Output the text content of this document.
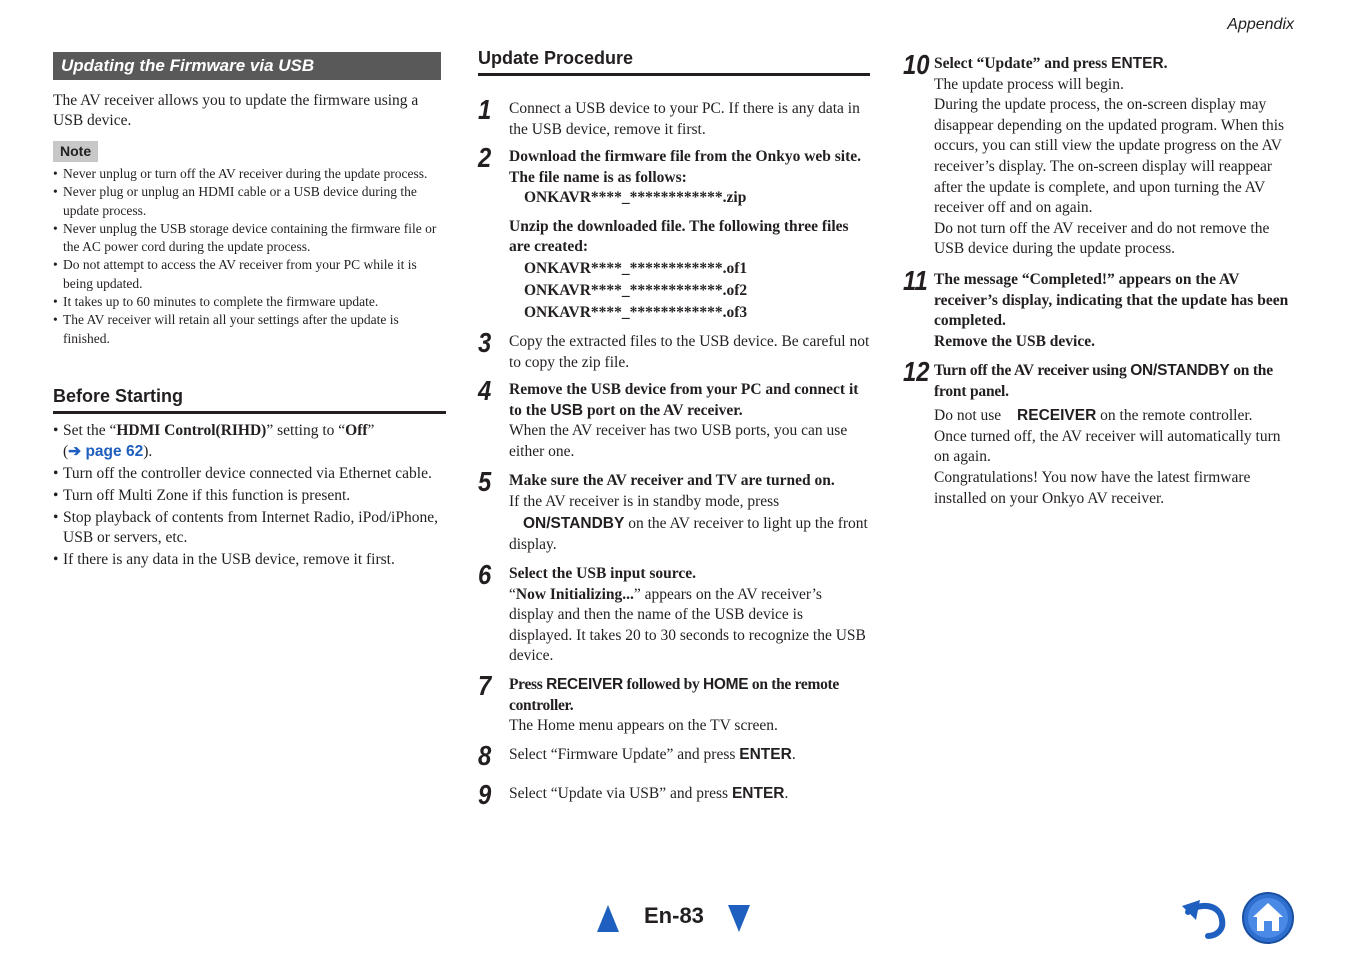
Appendix
Updating the Firmware via USB
The AV receiver allows you to update the firmware using a USB device.
Note
• Never unplug or turn off the AV receiver during the update process.
• Never plug or unplug an HDMI cable or a USB device during the update process.
• Never unplug the USB storage device containing the firmware file or the AC power cord during the update process.
• Do not attempt to access the AV receiver from your PC while it is being updated.
• It takes up to 60 minutes to complete the firmware update.
• The AV receiver will retain all your settings after the update is finished.
Before Starting
• Set the “HDMI Control(RIHD)” setting to “Off”
(➔ page 62).
• Turn off the controller device connected via Ethernet cable.
• Turn off Multi Zone if this function is present.
• Stop playback of contents from Internet Radio, iPod/iPhone, USB or servers, etc.
• If there is any data in the USB device, remove it first.
Update Procedure
1 Connect a USB device to your PC. If there is any data in the USB device, remove it first.
2 Download the firmware file from the Onkyo web site. The file name is as follows:
ONKAVR****_************.zip
Unzip the downloaded file. The following three files are created:
ONKAVR****_************.of1
ONKAVR****_************.of2
ONKAVR****_************.of3
3 Copy the extracted files to the USB device. Be careful not to copy the zip file.
4 Remove the USB device from your PC and connect it to the USB port on the AV receiver.
When the AV receiver has two USB ports, you can use either one.
5 Make sure the AV receiver and TV are turned on.
If the AV receiver is in standby mode, press
ON/STANDBY on the AV receiver to light up the front display.
6 Select the USB input source.
“Now Initializing...” appears on the AV receiver’s display and then the name of the USB device is displayed. It takes 20 to 30 seconds to recognize the USB device.
7 Press RECEIVER followed by HOME on the remote controller.
The Home menu appears on the TV screen.
8 Select “Firmware Update” and press ENTER.
9 Select “Update via USB” and press ENTER.
10 Select “Update” and press ENTER.
The update process will begin.
During the update process, the on-screen display may disappear depending on the updated program. When this occurs, you can still view the update progress on the AV receiver’s display. The on-screen display will reappear after the update is complete, and upon turning the AV receiver off and on again.
Do not turn off the AV receiver and do not remove the USB device during the update process.
11 The message “Completed!” appears on the AV receiver’s display, indicating that the update has been completed.
Remove the USB device.
12 Turn off the AV receiver using ON/STANDBY on the front panel.
Do not use RECEIVER on the remote controller.
Once turned off, the AV receiver will automatically turn on again.
Congratulations! You now have the latest firmware installed on your Onkyo AV receiver.
En-83
